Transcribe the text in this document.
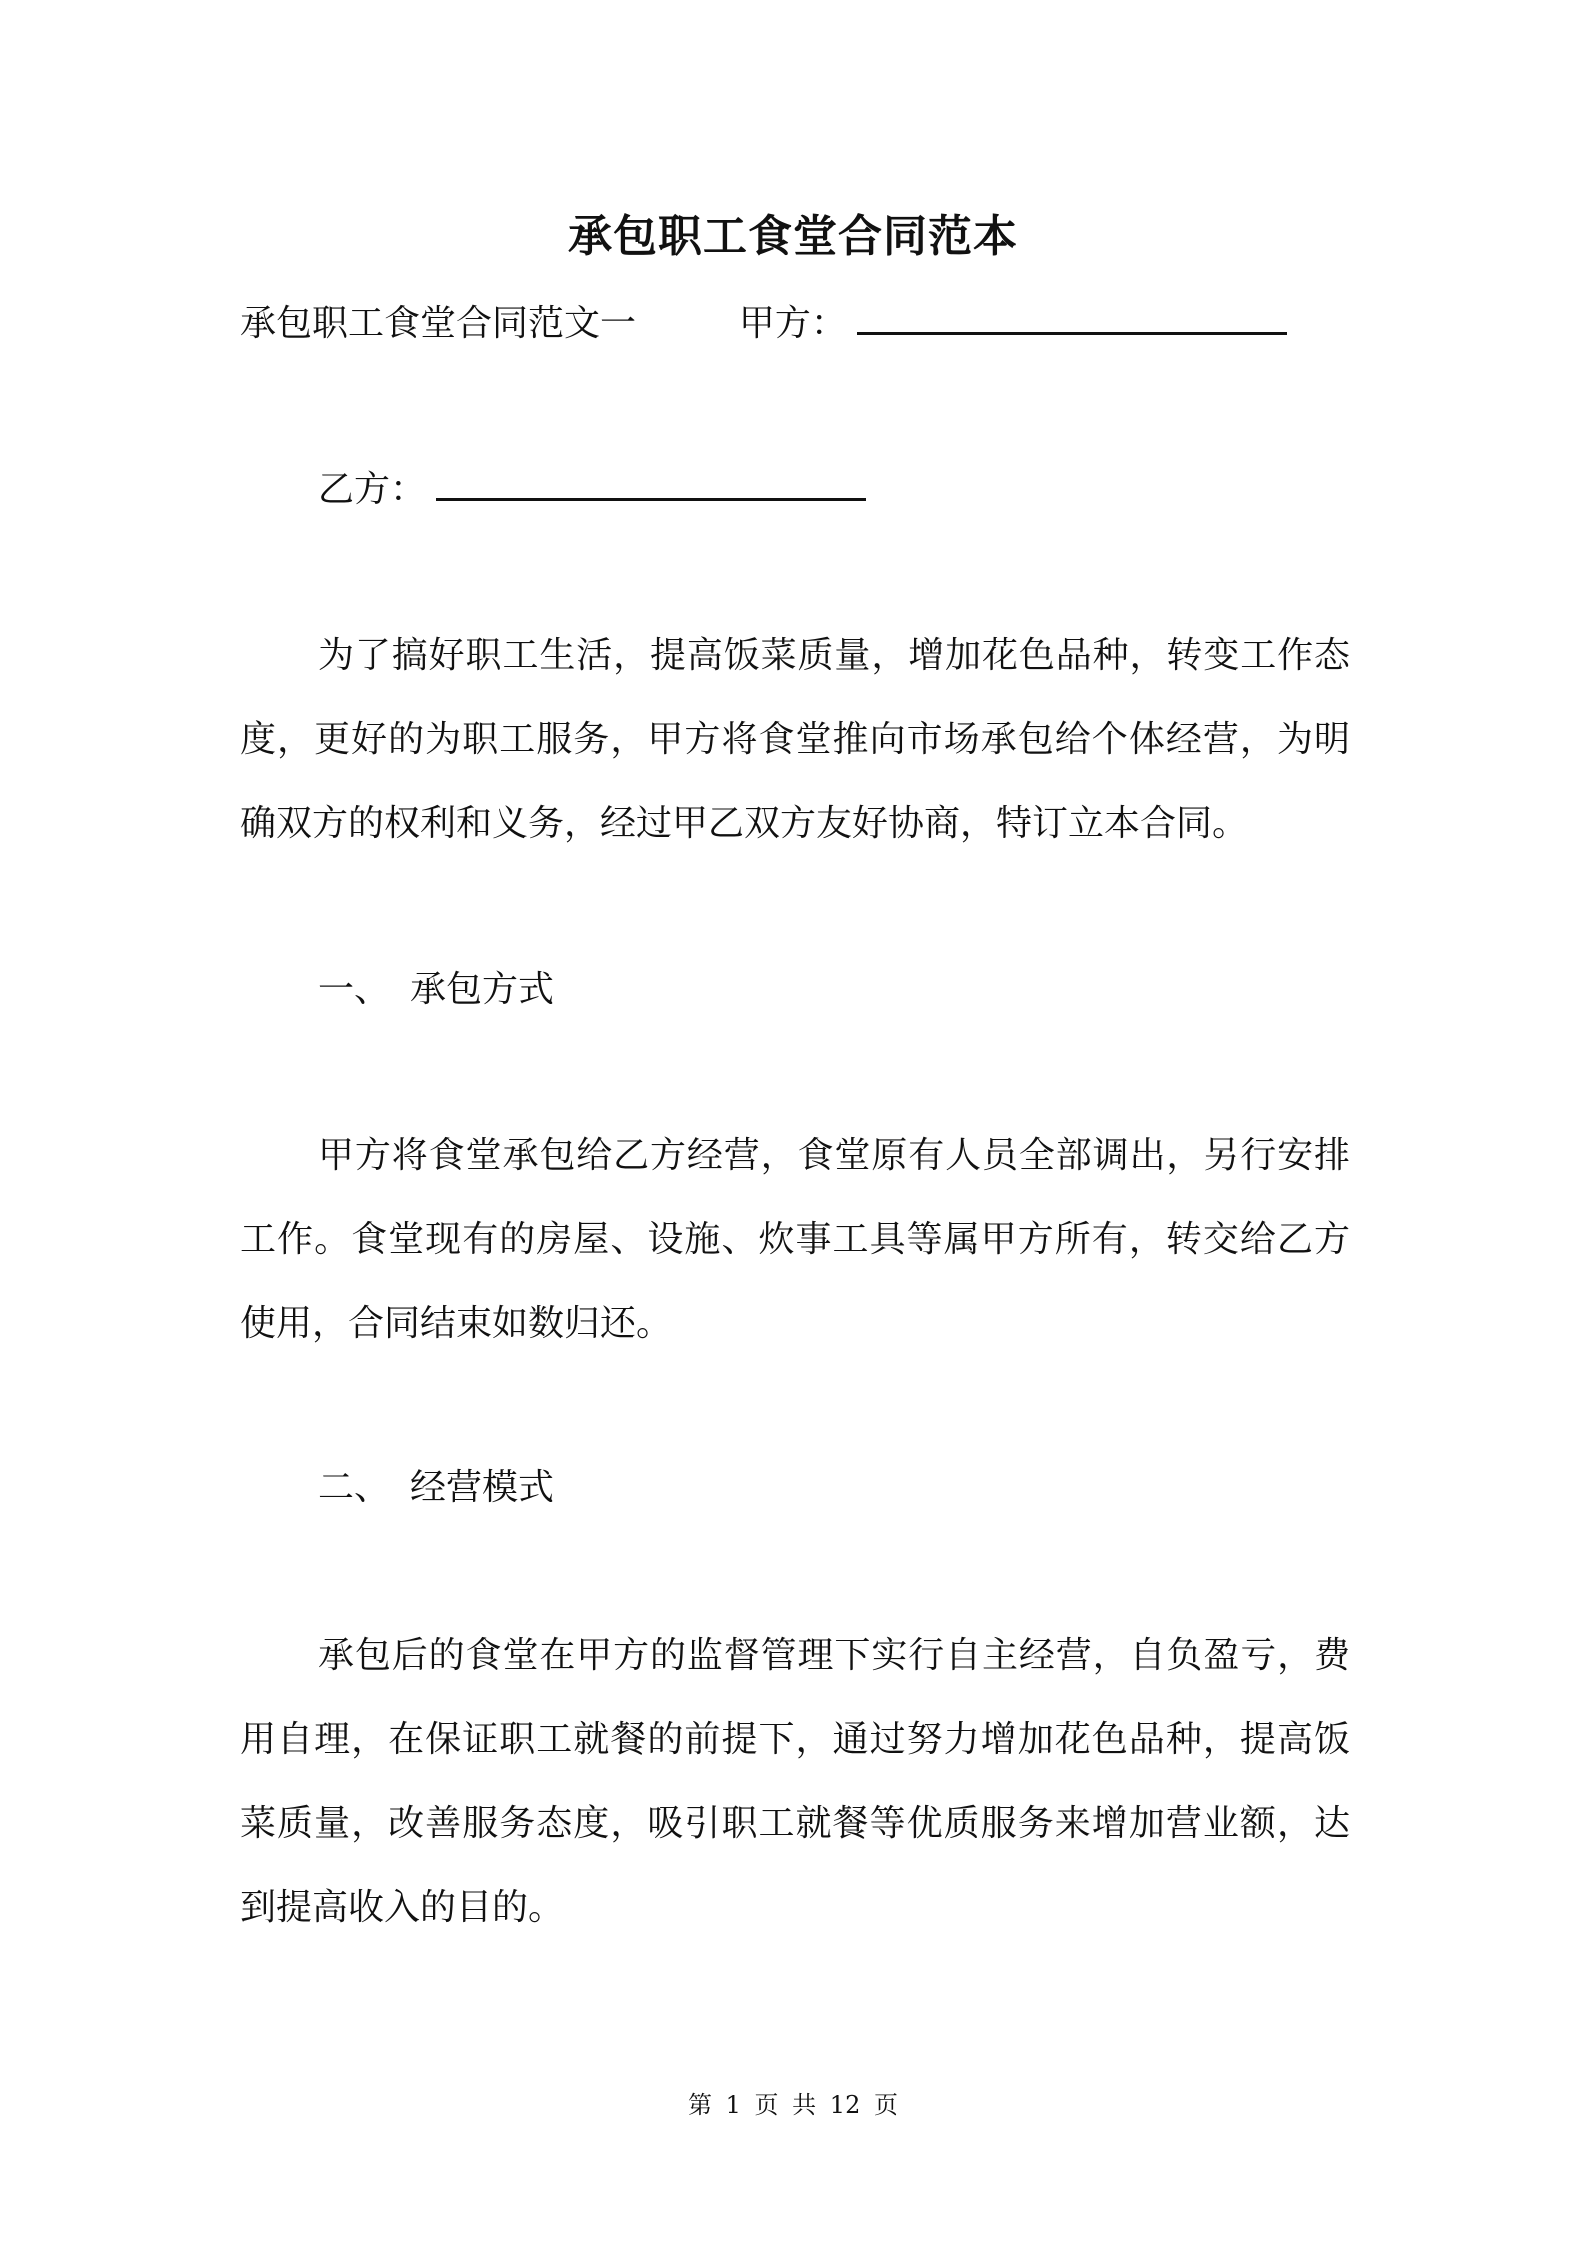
承包职工食堂合同范本
承包职工食堂合同范文一	甲方：
乙方：
为了搞好职工生活，提高饭菜质量，增加花色品种，转变工作态度，更好的为职工服务，甲方将食堂推向市场承包给个体经营，为明确双方的权利和义务，经过甲乙双方友好协商，特订立本合同。
一、 承包方式
甲方将食堂承包给乙方经营，食堂原有人员全部调出，另行安排工作。食堂现有的房屋、设施、炊事工具等属甲方所有，转交给乙方使用，合同结束如数归还。
二、 经营模式
承包后的食堂在甲方的监督管理下实行自主经营，自负盈亏，费用自理，在保证职工就餐的前提下，通过努力增加花色品种，提高饭菜质量，改善服务态度，吸引职工就餐等优质服务来增加营业额，达到提高收入的目的。
第 1 页 共 12 页
